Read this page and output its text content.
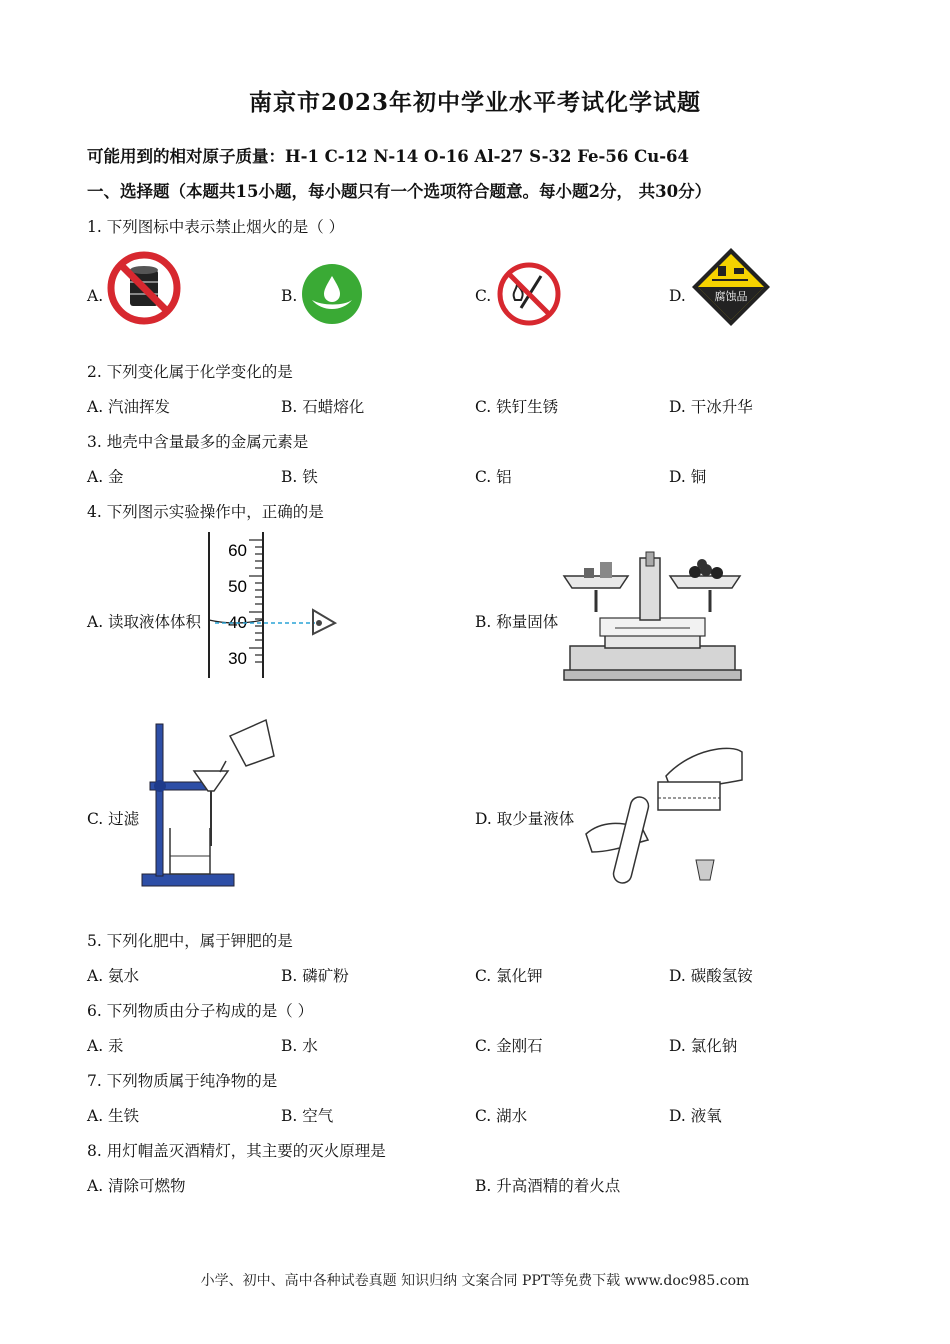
南京市2023年初中学业水平考试化学试题
可能用到的相对原子质量：H-1 C-12 N-14 O-16 Al-27 S-32 Fe-56 Cu-64
一、选择题（本题共15小题，每小题只有一个选项符合题意。每小题2分， 共30分）
1. 下列图标中表示禁止烟火的是（ ）
A.	B.	C.	D.	腐蚀品
2. 下列变化属于化学变化的是
A. 汽油挥发	B. 石蜡熔化	C. 铁钉生锈	D. 干冰升华
3. 地壳中含量最多的金属元素是
A. 金	B. 铁	C. 铝	D. 铜
4. 下列图示实验操作中，正确的是
A. 读取液体体积	B. 称量固体
C. 过滤	D. 取少量液体
60
50
40
30
5. 下列化肥中，属于钾肥的是
A. 氨水	B. 磷矿粉	C. 氯化钾	D. 碳酸氢铵
6. 下列物质由分子构成的是（ ）
A. 汞	B. 水	C. 金刚石	D. 氯化钠
7. 下列物质属于纯净物的是
A. 生铁	B. 空气	C. 湖水	D. 液氧
8. 用灯帽盖灭酒精灯，其主要的灭火原理是
A. 清除可燃物	B. 升高酒精的着火点
小学、初中、高中各种试卷真题 知识归纳 文案合同 PPT等免费下载 www.doc985.com
